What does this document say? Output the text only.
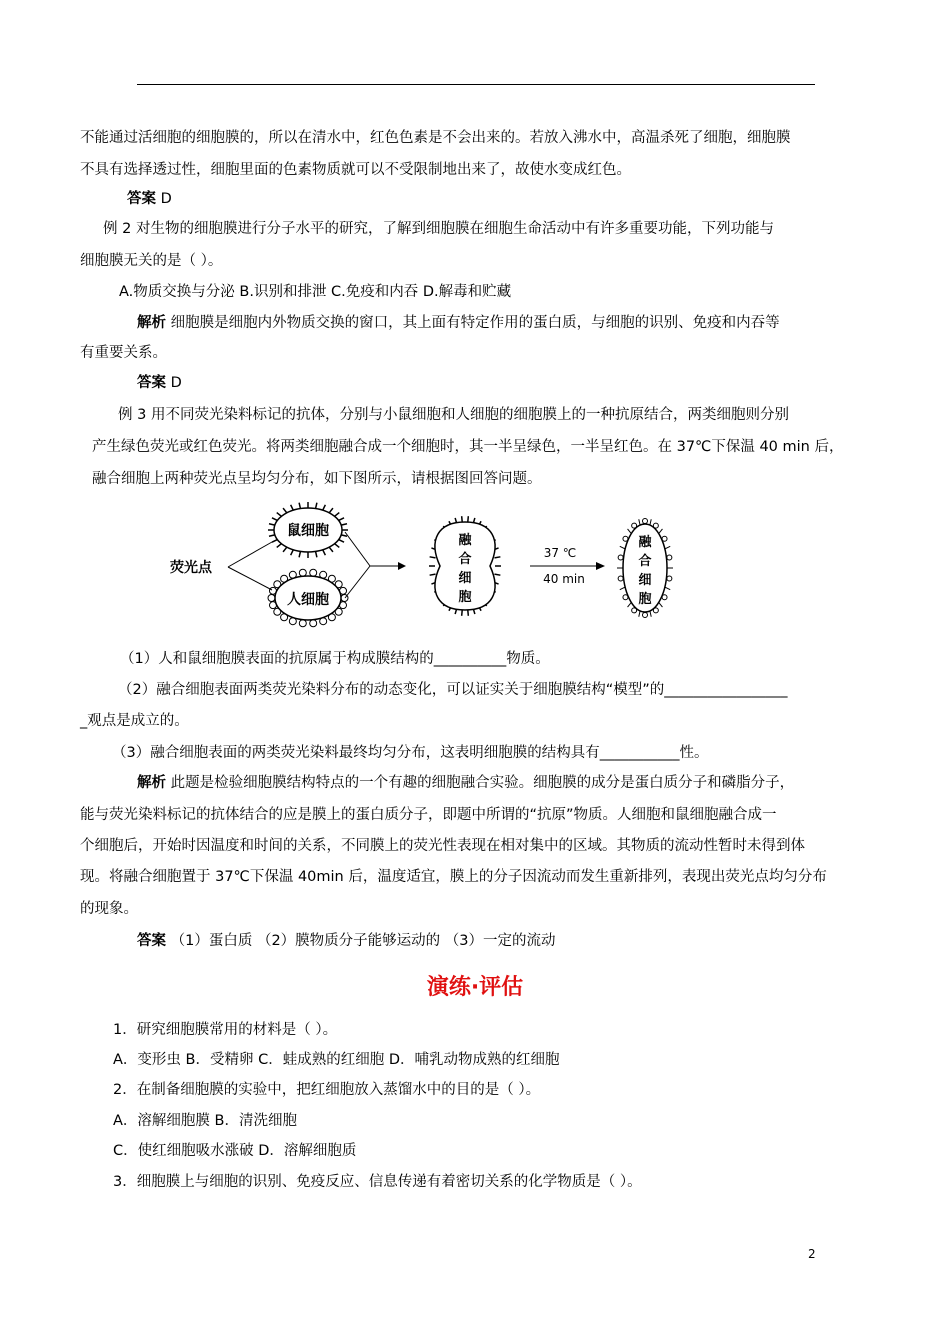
不能通过活细胞的细胞膜的，所以在清水中，红色色素是不会出来的。若放入沸水中，高温杀死了细胞，细胞膜
不具有选择透过性，细胞里面的色素物质就可以不受限制地出来了，故使水变成红色。
答案 D
例 2 对生物的细胞膜进行分子水平的研究，了解到细胞膜在细胞生命活动中有许多重要功能，下列功能与
细胞膜无关的是（ ）。
A.物质交换与分泌 B.识别和排泄 C.免疫和内吞 D.解毒和贮藏
解析 细胞膜是细胞内外物质交换的窗口，其上面有特定作用的蛋白质，与细胞的识别、免疫和内吞等
有重要关系。
答案 D
例 3 用不同荧光染料标记的抗体，分别与小鼠细胞和人细胞的细胞膜上的一种抗原结合，两类细胞则分别
产生绿色荧光或红色荧光。将两类细胞融合成一个细胞时，其一半呈绿色，一半呈红色。在 37℃下保温 40 min 后，
融合细胞上两种荧光点呈均匀分布，如下图所示，请根据图回答问题。
鼠细胞
人细胞
荧光点
融
合
细
胞
37 ℃
40 min
融
合
细
胞
（1）人和鼠细胞膜表面的抗原属于构成膜结构的__________物质。
（2）融合细胞表面两类荧光染料分布的动态变化，可以证实关于细胞膜结构“模型”的_________________
_观点是成立的。
（3）融合细胞表面的两类荧光染料最终均匀分布，这表明细胞膜的结构具有___________性。
解析 此题是检验细胞膜结构特点的一个有趣的细胞融合实验。细胞膜的成分是蛋白质分子和磷脂分子，
能与荧光染料标记的抗体结合的应是膜上的蛋白质分子，即题中所谓的“抗原”物质。人细胞和鼠细胞融合成一
个细胞后，开始时因温度和时间的关系，不同膜上的荧光性表现在相对集中的区域。其物质的流动性暂时未得到体
现。将融合细胞置于 37℃下保温 40min 后，温度适宜，膜上的分子因流动而发生重新排列，表现出荧光点均匀分布
的现象。
答案 （1）蛋白质 （2）膜物质分子能够运动的 （3）一定的流动
演练·评估
1．研究细胞膜常用的材料是（ ）。
A．变形虫 B．受精卵 C．蛙成熟的红细胞 D．哺乳动物成熟的红细胞
2．在制备细胞膜的实验中，把红细胞放入蒸馏水中的目的是（ ）。
A．溶解细胞膜 B．清洗细胞
C．使红细胞吸水涨破 D．溶解细胞质
3．细胞膜上与细胞的识别、免疫反应、信息传递有着密切关系的化学物质是（ ）。
2
